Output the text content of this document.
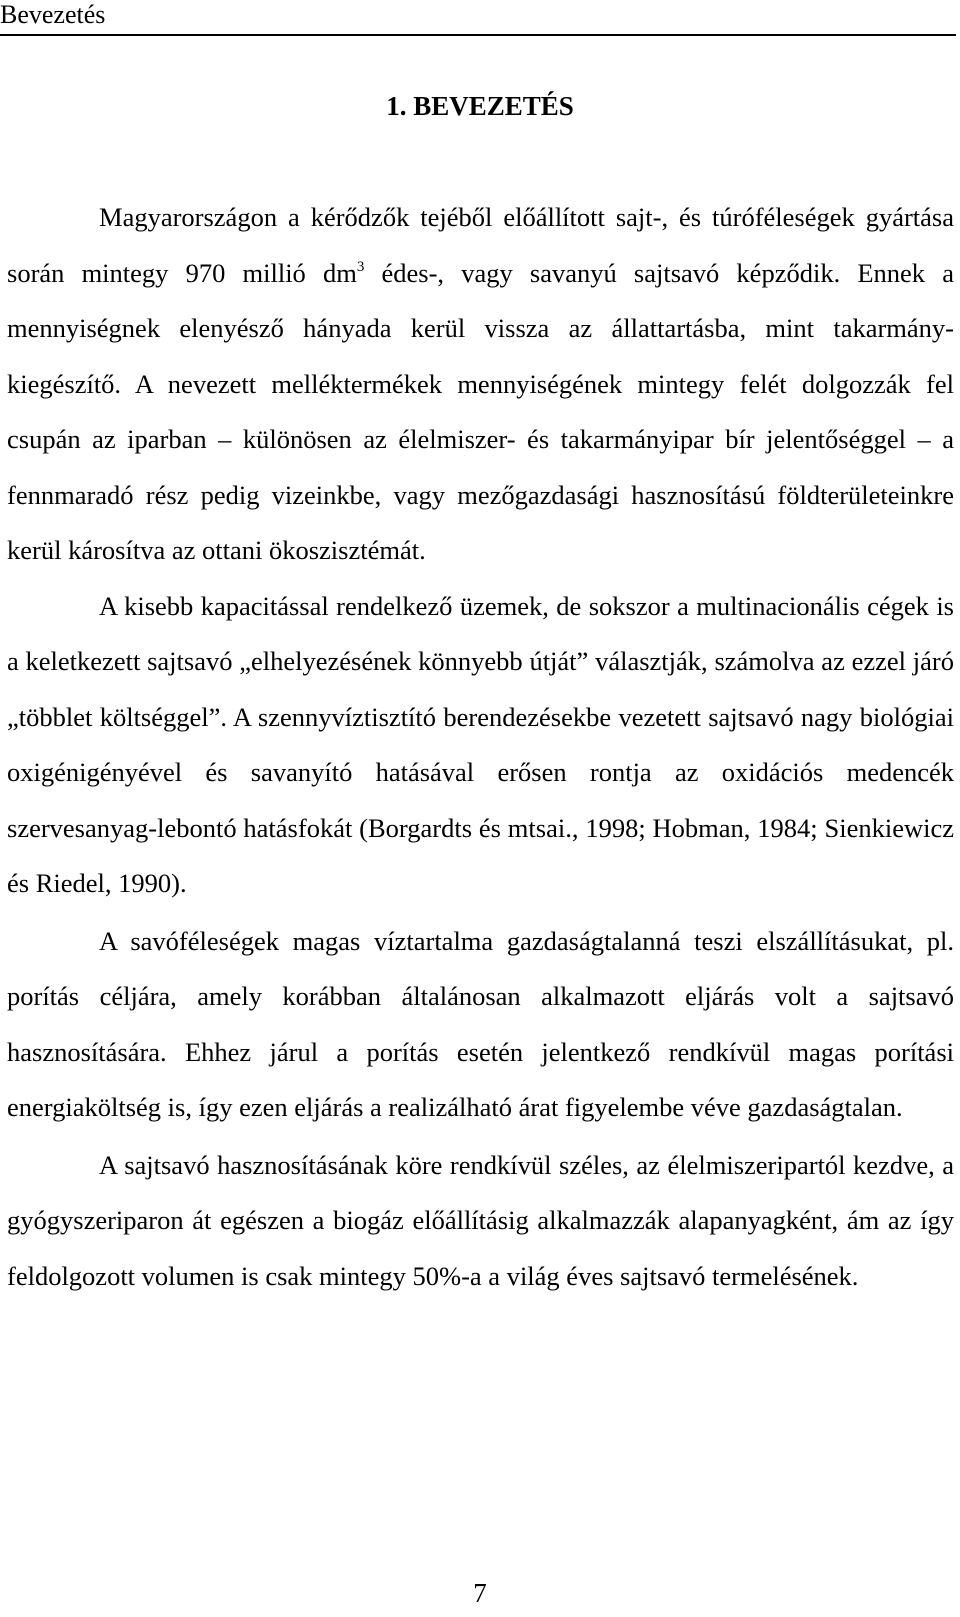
Bevezetés
1. BEVEZETÉS

Magyarországon a kérődzők tejéből előállított sajt-, és túróféleségek gyártása során mintegy 970 millió $dm^3$ édes-, vagy savanyú sajtsavó képződik. Ennek a mennyiségnek elenyésző hányada kerül vissza az állattartásba, mint takarmány-kiegészítő. A nevezett melléktermékek mennyiségének mintegy felét dolgozzák fel csupán az iparban – különösen az élelmiszer- és takarmányipar bír jelentőséggel – a fennmaradó rész pedig vizeinkbe, vagy mezőgazdasági hasznosítású földterületeinkre kerül károsítva az ottani ökoszisztémát.

A kisebb kapacitással rendelkező üzemek, de sokszor a multinacionális cégek is a keletkezett sajtsavó „elhelyezésének könnyebb útját” választják, számolva az ezzel járó „többlet költséggel”. A szennyvíztisztító berendezésekbe vezetett sajtsavó nagy biológiai oxigénigényével és savanyító hatásával erősen rontja az oxidációs medencék szervesanyag-lebontó hatásfokát (Borgardts és mtsai., 1998; Hobman, 1984; Sienkiewicz és Riedel, 1990).

A savóféleségek magas víztartalma gazdaságtalanná teszi elszállításukat, pl. porítás céljára, amely korábban általánosan alkalmazott eljárás volt a sajtsavó hasznosítására. Ehhez járul a porítás esetén jelentkező rendkívül magas porítási energiaköltség is, így ezen eljárás a realizálható árat figyelembe véve gazdaságtalan.

A sajtsavó hasznosításának köre rendkívül széles, az élelmiszeripartól kezdve, a gyógyszeriparon át egészen a biogáz előállításig alkalmazzák alapanyagként, ám az így feldolgozott volumen is csak mintegy 50%-a a világ éves sajtsavó termelésének.

7
